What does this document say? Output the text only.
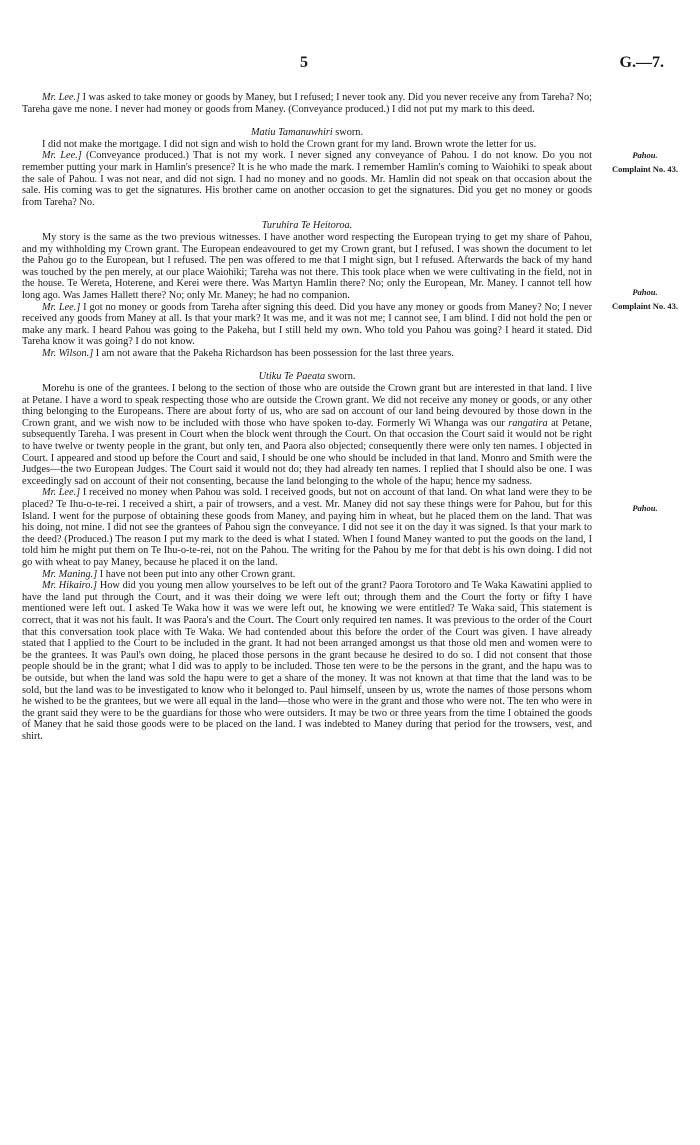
5	G.—7.

Mr. Lee.] I was asked to take money or goods by Maney, but I refused; I never took any. Did you never receive any from Tareha? No; Tareha gave me none. I never had money or goods from Maney. (Conveyance produced.) I did not put my mark to this deed.

Matiu Tamanuwhiri sworn.

I did not make the mortgage. I did not sign and wish to hold the Crown grant for my land. Brown wrote the letter for us.

Mr. Lee.] (Conveyance produced.) That is not my work. I never signed any conveyance of Pahou. I do not know. Do you not remember putting your mark in Hamlin's presence? It is he who made the mark. I remember Hamlin's coming to Waiohiki to speak about the sale of Pahou. I was not near, and did not sign. I had no money and no goods. Mr. Hamlin did not speak on that occasion about the sale. His coming was to get the signatures. His brother came on another occasion to get the signatures. Did you get no money or goods from Tareha? No.

Turuhira Te Heitoroa.

My story is the same as the two previous witnesses. I have another word respecting the European trying to get my share of Pahou, and my withholding my Crown grant. The European endeavoured to get my Crown grant, but I refused. I was shown the document to let the Pahou go to the European, but I refused. The pen was offered to me that I might sign, but I refused. Afterwards the back of my hand was touched by the pen merely, at our place Waiohiki; Tareha was not there. This took place when we were cultivating in the field, not in the house. Te Wereta, Hoterene, and Kerei were there. Was Martyn Hamlin there? No; only the European, Mr. Maney. I cannot tell how long ago. Was James Hallett there? No; only Mr. Maney; he had no companion.

Mr. Lee.] I got no money or goods from Tareha after signing this deed. Did you have any money or goods from Maney? No; I never received any goods from Maney at all. Is that your mark? It was me, and it was not me; I cannot see, I am blind. I did not hold the pen or make any mark. I heard Pahou was going to the Pakeha, but I still held my own. Who told you Pahou was going? I heard it stated. Did Tareha know it was going? I do not know.

Mr. Wilson.] I am not aware that the Pakeha Richardson has been possession for the last three years.

Utiku Te Paeata sworn.

Morehu is one of the grantees. I belong to the section of those who are outside the Crown grant but are interested in that land. I live at Petane. I have a word to speak respecting those who are outside the Crown grant. We did not receive any money or goods, or any other thing belonging to the Europeans. There are about forty of us, who are sad on account of our land being devoured by those down in the Crown grant, and we wish now to be included with those who have spoken to-day. Formerly Wi Whanga was our rangatira at Petane, subsequently Tareha. I was present in Court when the block went through the Court. On that occasion the Court said it would not be right to have twelve or twenty people in the grant, but only ten, and Paora also objected; consequently there were only ten names. I objected in Court. I appeared and stood up before the Court and said, I should be one who should be included in that land. Monro and Smith were the Judges—the two European Judges. The Court said it would not do; they had already ten names. I replied that I should also be one. I was exceedingly sad on account of their not consenting, because the land belonging to the whole of the hapu; hence my sadness.

Mr. Lee.] I received no money when Pahou was sold. I received goods, but not on account of that land. On what land were they to be placed? Te Ihu-o-te-rei. I received a shirt, a pair of trowsers, and a vest. Mr. Maney did not say these things were for Pahou, but for this Island. I went for the purpose of obtaining these goods from Maney, and paying him in wheat, but he placed them on the land. That was his doing, not mine. I did not see the grantees of Pahou sign the conveyance. I did not see it on the day it was signed. Is that your mark to the deed? (Produced.) The reason I put my mark to the deed is what I stated. When I found Maney wanted to put the goods on the land, I told him he might put them on Te Ihu-o-te-rei, not on the Pahou. The writing for the Pahou by me for that debt is his own doing. I did not go with wheat to pay Maney, because he placed it on the land.

Mr. Maning.] I have not been put into any other Crown grant.

Mr. Hikairo.] How did you young men allow yourselves to be left out of the grant? Paora Torotoro and Te Waka Kawatini applied to have the land put through the Court, and it was their doing we were left out; through them and the Court the forty or fifty I have mentioned were left out. I asked Te Waka how it was we were left out, he knowing we were entitled? Te Waka said, This statement is correct, that it was not his fault. It was Paora's and the Court. The Court only required ten names. It was previous to the order of the Court that this conversation took place with Te Waka. We had contended about this before the order of the Court was given. I have already stated that I applied to the Court to be included in the grant. It had not been arranged amongst us that those old men and women were to be the grantees. It was Paul's own doing, he placed those persons in the grant because he desired to do so. I did not consent that those people should be in the grant; what I did was to apply to be included. Those ten were to be the persons in the grant, and the hapu was to be outside, but when the land was sold the hapu were to get a share of the money. It was not known at that time that the land was to be sold, but the land was to be investigated to know who it belonged to. Paul himself, unseen by us, wrote the names of those persons whom he wished to be the grantees, but we were all equal in the land—those who were in the grant and those who were not. The ten who were in the grant said they were to be the guardians for those who were outsiders. It may be two or three years from the time I obtained the goods of Maney that he said those goods were to be placed on the land. I was indebted to Maney during that period for the trowsers, vest, and shirt.

Pahou.
Complaint No. 43.
Pahou.
Complaint No. 43.
Pahou.
